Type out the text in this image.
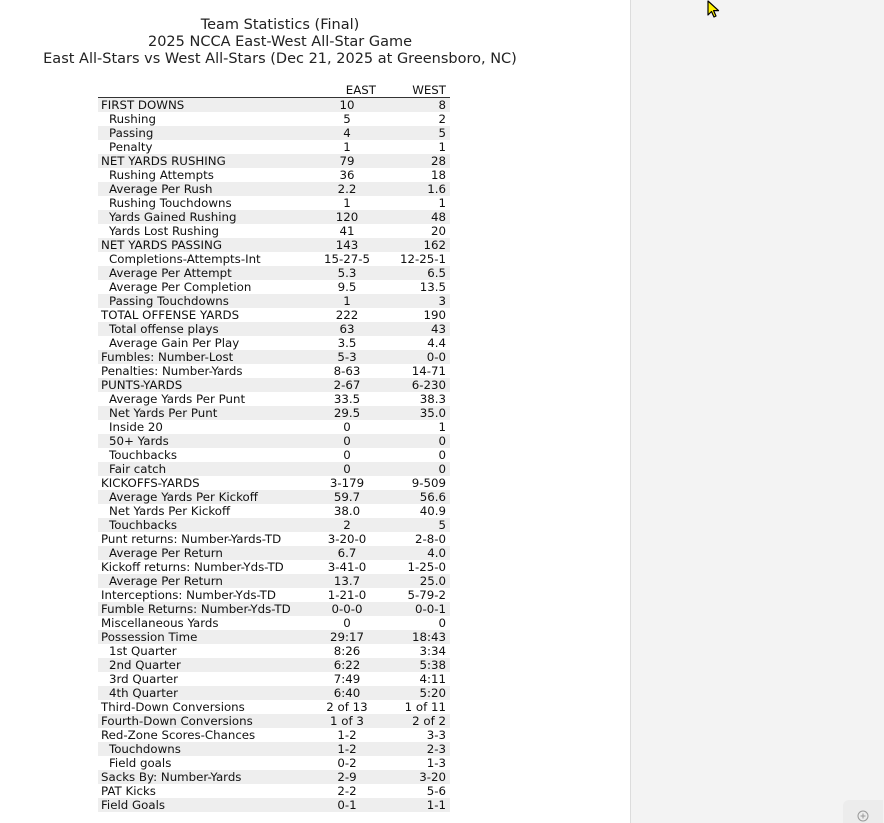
Team Statistics (Final)
2025 NCCA East-West All-Star Game
East All-Stars vs West All-Stars (Dec 21, 2025 at Greensboro, NC)
EAST	WEST
FIRST DOWNS	10	8
Rushing	5	2
Passing	4	5
Penalty	1	1
NET YARDS RUSHING	79	28
Rushing Attempts	36	18
Average Per Rush	2.2	1.6
Rushing Touchdowns	1	1
Yards Gained Rushing	120	48
Yards Lost Rushing	41	20
NET YARDS PASSING	143	162
Completions-Attempts-Int	15-27-5	12-25-1
Average Per Attempt	5.3	6.5
Average Per Completion	9.5	13.5
Passing Touchdowns	1	3
TOTAL OFFENSE YARDS	222	190
Total offense plays	63	43
Average Gain Per Play	3.5	4.4
Fumbles: Number-Lost	5-3	0-0
Penalties: Number-Yards	8-63	14-71
PUNTS-YARDS	2-67	6-230
Average Yards Per Punt	33.5	38.3
Net Yards Per Punt	29.5	35.0
Inside 20	0	1
50+ Yards	0	0
Touchbacks	0	0
Fair catch	0	0
KICKOFFS-YARDS	3-179	9-509
Average Yards Per Kickoff	59.7	56.6
Net Yards Per Kickoff	38.0	40.9
Touchbacks	2	5
Punt returns: Number-Yards-TD	3-20-0	2-8-0
Average Per Return	6.7	4.0
Kickoff returns: Number-Yds-TD	3-41-0	1-25-0
Average Per Return	13.7	25.0
Interceptions: Number-Yds-TD	1-21-0	5-79-2
Fumble Returns: Number-Yds-TD	0-0-0	0-0-1
Miscellaneous Yards	0	0
Possession Time	29:17	18:43
1st Quarter	8:26	3:34
2nd Quarter	6:22	5:38
3rd Quarter	7:49	4:11
4th Quarter	6:40	5:20
Third-Down Conversions	2 of 13	1 of 11
Fourth-Down Conversions	1 of 3	2 of 2
Red-Zone Scores-Chances	1-2	3-3
Touchdowns	1-2	2-3
Field goals	0-2	1-3
Sacks By: Number-Yards	2-9	3-20
PAT Kicks	2-2	5-6
Field Goals	0-1	1-1
